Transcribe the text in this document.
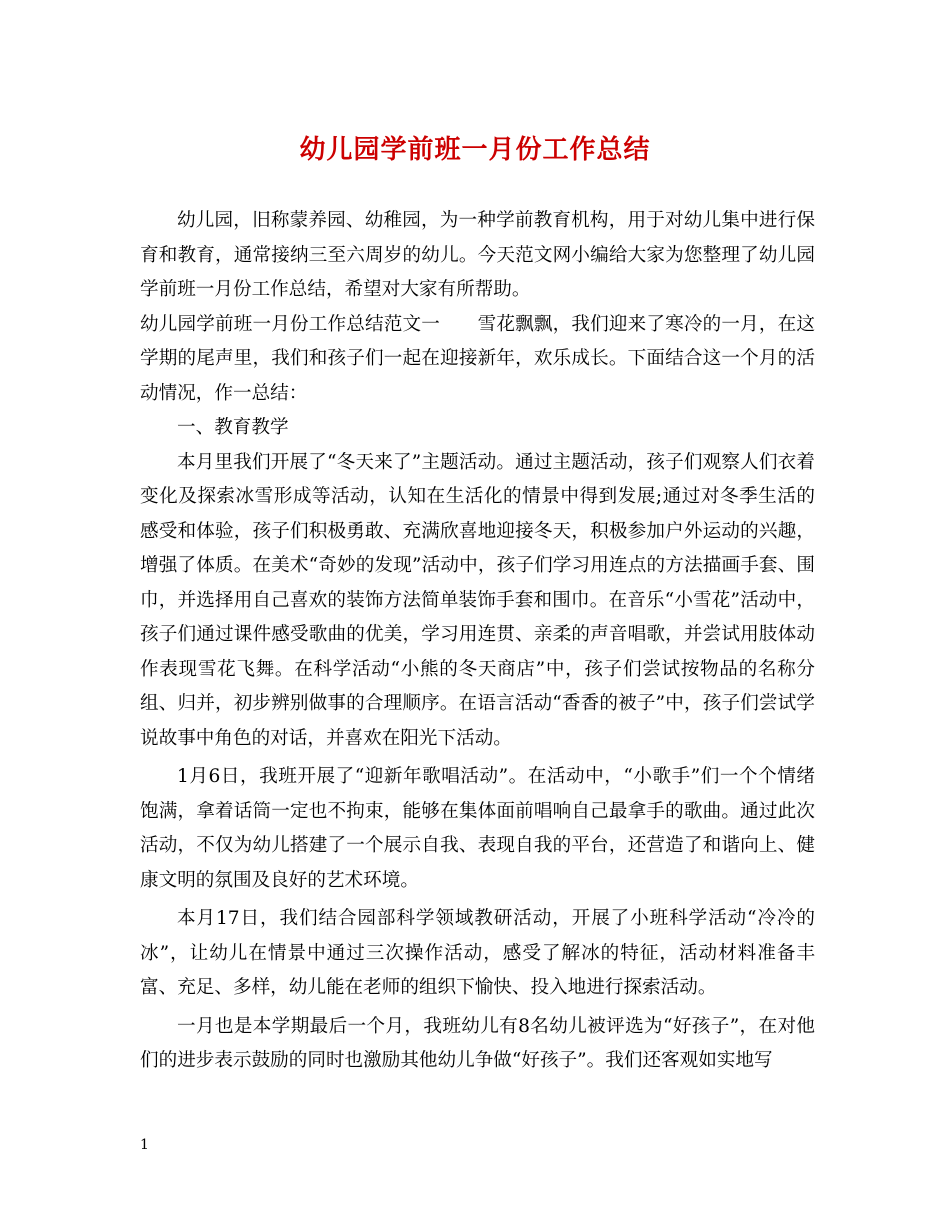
幼儿园学前班一月份工作总结

幼儿园，旧称蒙养园、幼稚园，为一种学前教育机构，用于对幼儿集中进行保育和教育，通常接纳三至六周岁的幼儿。今天范文网小编给大家为您整理了幼儿园学前班一月份工作总结，希望对大家有所帮助。

幼儿园学前班一月份工作总结范文一　　雪花飘飘，我们迎来了寒冷的一月，在这学期的尾声里，我们和孩子们一起在迎接新年，欢乐成长。下面结合这一个月的活动情况，作一总结：

一、教育教学

本月里我们开展了“冬天来了”主题活动。通过主题活动，孩子们观察人们衣着变化及探索冰雪形成等活动，认知在生活化的情景中得到发展;通过对冬季生活的感受和体验，孩子们积极勇敢、充满欣喜地迎接冬天，积极参加户外运动的兴趣，增强了体质。在美术“奇妙的发现”活动中，孩子们学习用连点的方法描画手套、围巾，并选择用自己喜欢的装饰方法简单装饰手套和围巾。在音乐“小雪花”活动中，孩子们通过课件感受歌曲的优美，学习用连贯、亲柔的声音唱歌，并尝试用肢体动作表现雪花飞舞。在科学活动“小熊的冬天商店”中，孩子们尝试按物品的名称分组、归并，初步辨别做事的合理顺序。在语言活动“香香的被子”中，孩子们尝试学说故事中角色的对话，并喜欢在阳光下活动。

1月6日，我班开展了“迎新年歌唱活动”。在活动中，“小歌手”们一个个情绪饱满，拿着话筒一定也不拘束，能够在集体面前唱响自己最拿手的歌曲。通过此次活动，不仅为幼儿搭建了一个展示自我、表现自我的平台，还营造了和谐向上、健康文明的氛围及良好的艺术环境。

本月17日，我们结合园部科学领域教研活动，开展了小班科学活动“冷冷的冰”，让幼儿在情景中通过三次操作活动，感受了解冰的特征，活动材料准备丰富、充足、多样，幼儿能在老师的组织下愉快、投入地进行探索活动。

一月也是本学期最后一个月，我班幼儿有8名幼儿被评选为“好孩子”，在对他们的进步表示鼓励的同时也激励其他幼儿争做“好孩子”。我们还客观如实地写

1
